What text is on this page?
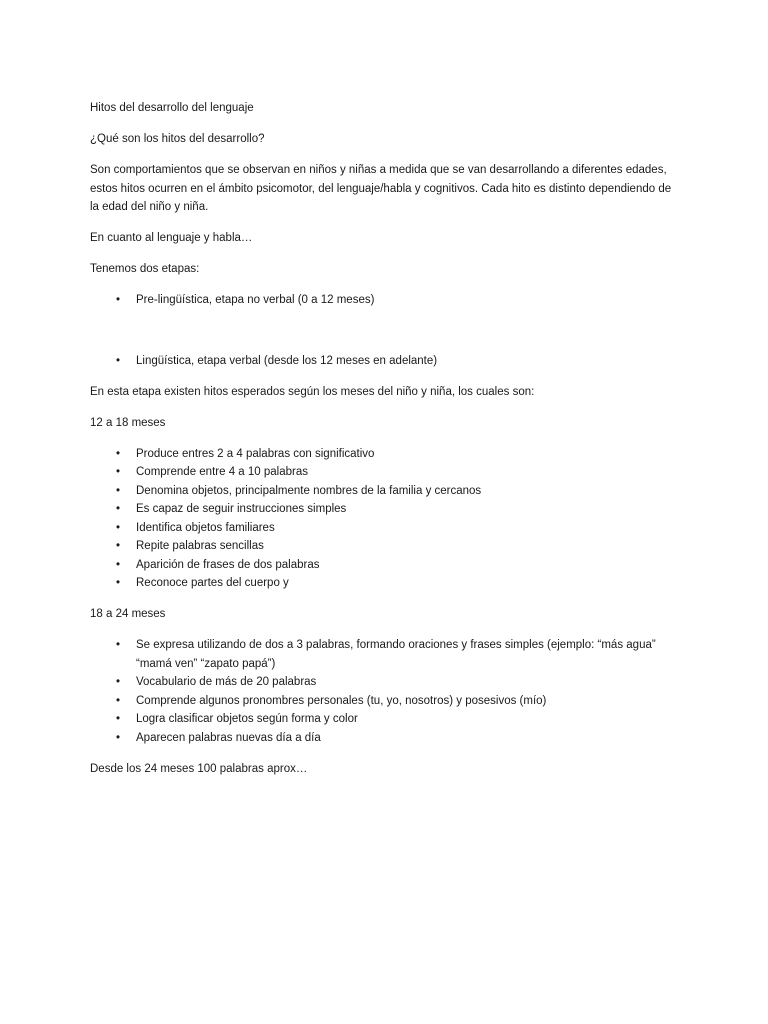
Hitos del desarrollo del lenguaje

¿Qué son los hitos del desarrollo?

Son comportamientos que se observan en niños y niñas a medida que se van desarrollando a diferentes edades, estos hitos ocurren en el ámbito psicomotor, del lenguaje/habla y cognitivos. Cada hito es distinto dependiendo de la edad del niño y niña.

En cuanto al lenguaje y habla…

Tenemos dos etapas:

• Pre-lingüística, etapa no verbal (0 a 12 meses)
• Lingüística, etapa verbal (desde los 12 meses en adelante)

En esta etapa existen hitos esperados según los meses del niño y niña, los cuales son:

12 a 18 meses

• Produce entres 2 a 4 palabras con significativo
• Comprende entre 4 a 10 palabras
• Denomina objetos, principalmente nombres de la familia y cercanos
• Es capaz de seguir instrucciones simples
• Identifica objetos familiares
• Repite palabras sencillas
• Aparición de frases de dos palabras
• Reconoce partes del cuerpo y

18 a 24 meses

• Se expresa utilizando de dos a 3 palabras, formando oraciones y frases simples (ejemplo: “más agua” “mamá ven” “zapato papá”)
• Vocabulario de más de 20 palabras
• Comprende algunos pronombres personales (tu, yo, nosotros) y posesivos (mío)
• Logra clasificar objetos según forma y color
• Aparecen palabras nuevas día a día

Desde los 24 meses 100 palabras aprox…
